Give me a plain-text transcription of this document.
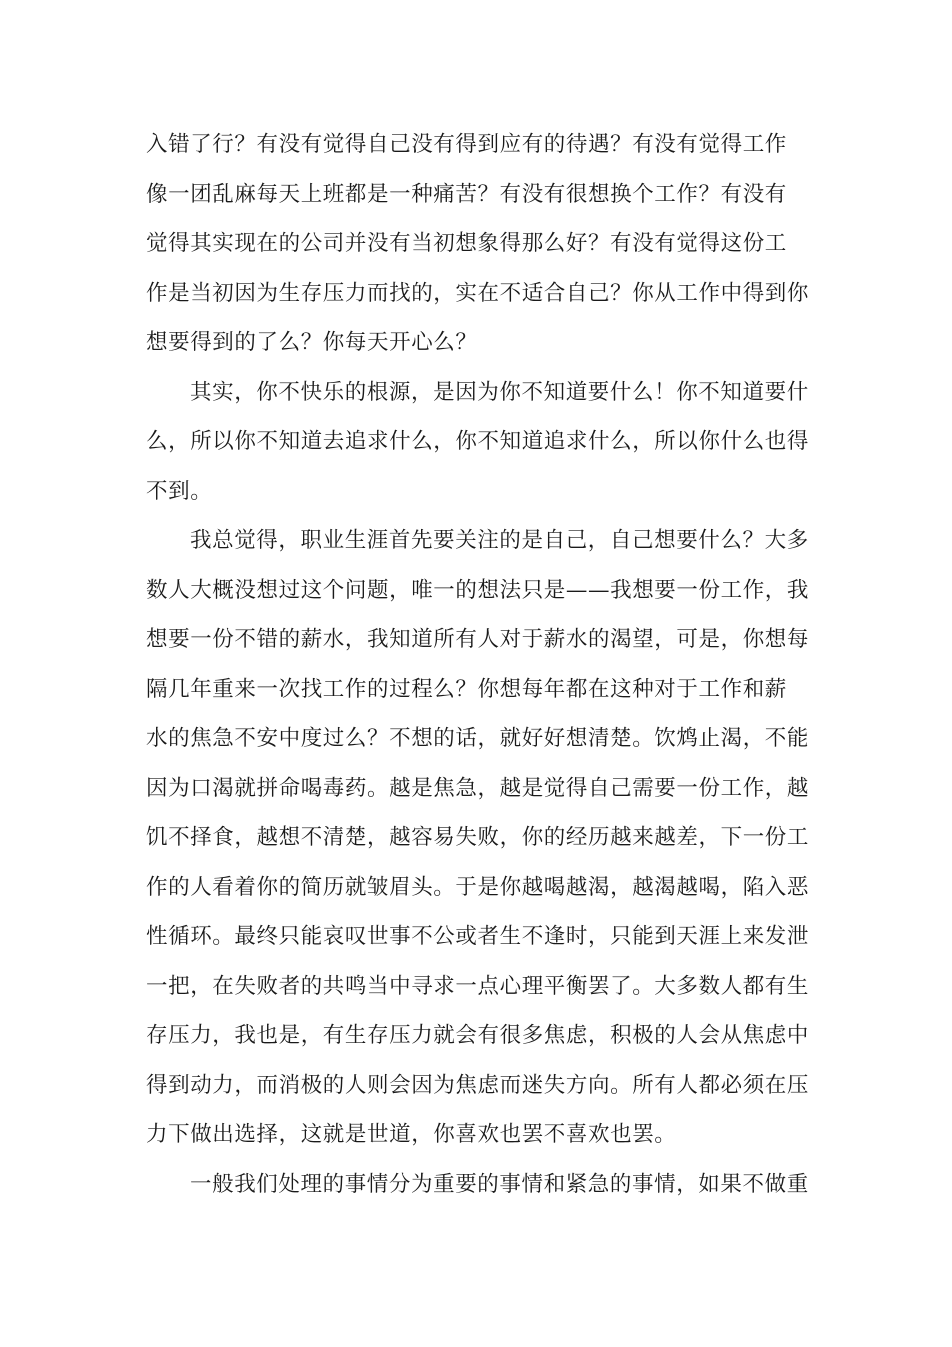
入错了行？有没有觉得自己没有得到应有的待遇？有没有觉得工作
像一团乱麻每天上班都是一种痛苦？有没有很想换个工作？有没有
觉得其实现在的公司并没有当初想象得那么好？有没有觉得这份工
作是当初因为生存压力而找的，实在不适合自己？你从工作中得到你
想要得到的了么？你每天开心么？
其实，你不快乐的根源，是因为你不知道要什么！你不知道要什
么，所以你不知道去追求什么，你不知道追求什么，所以你什么也得
不到。
我总觉得，职业生涯首先要关注的是自己，自己想要什么？大多
数人大概没想过这个问题，唯一的想法只是——我想要一份工作，我
想要一份不错的薪水，我知道所有人对于薪水的渴望，可是，你想每
隔几年重来一次找工作的过程么？你想每年都在这种对于工作和薪
水的焦急不安中度过么？不想的话，就好好想清楚。饮鸩止渴，不能
因为口渴就拼命喝毒药。越是焦急，越是觉得自己需要一份工作，越
饥不择食，越想不清楚，越容易失败，你的经历越来越差，下一份工
作的人看着你的简历就皱眉头。于是你越喝越渴，越渴越喝，陷入恶
性循环。最终只能哀叹世事不公或者生不逢时，只能到天涯上来发泄
一把，在失败者的共鸣当中寻求一点心理平衡罢了。大多数人都有生
存压力，我也是，有生存压力就会有很多焦虑，积极的人会从焦虑中
得到动力，而消极的人则会因为焦虑而迷失方向。所有人都必须在压
力下做出选择，这就是世道，你喜欢也罢不喜欢也罢。
一般我们处理的事情分为重要的事情和紧急的事情，如果不做重
